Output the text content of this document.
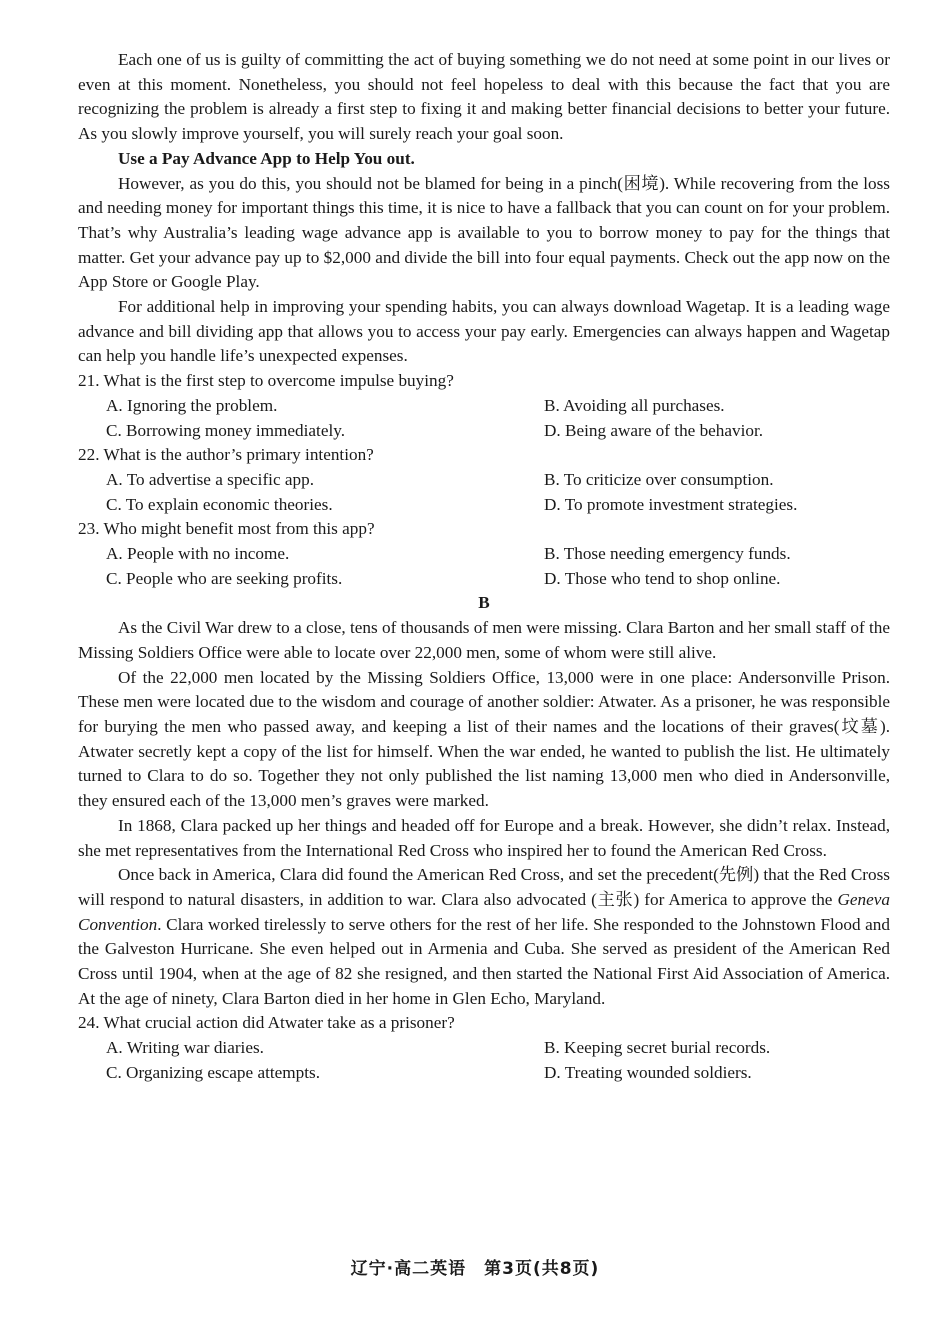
Each one of us is guilty of committing the act of buying something we do not need at some point in our lives or even at this moment. Nonetheless, you should not feel hopeless to deal with this because the fact that you are recognizing the problem is already a first step to fixing it and making better financial decisions to better your future. As you slowly improve yourself, you will surely reach your goal soon.

Use a Pay Advance App to Help You out.

However, as you do this, you should not be blamed for being in a pinch(困境). While recovering from the loss and needing money for important things this time, it is nice to have a fallback that you can count on for your problem. That’s why Australia’s leading wage advance app is available to you to borrow money to pay for the things that matter. Get your advance pay up to $2,000 and divide the bill into four equal payments. Check out the app now on the App Store or Google Play.

For additional help in improving your spending habits, you can always download Wagetap. It is a leading wage advance and bill dividing app that allows you to access your pay early. Emergencies can always happen and Wagetap can help you handle life’s unexpected expenses.

21. What is the first step to overcome impulse buying?

A. Ignoring the problem.	B. Avoiding all purchases.
C. Borrowing money immediately.	D. Being aware of the behavior.

22. What is the author’s primary intention?

A. To advertise a specific app.	B. To criticize over consumption.
C. To explain economic theories.	D. To promote investment strategies.

23. Who might benefit most from this app?

A. People with no income.	B. Those needing emergency funds.
C. People who are seeking profits.	D. Those who tend to shop online.

B

As the Civil War drew to a close, tens of thousands of men were missing. Clara Barton and her small staff of the Missing Soldiers Office were able to locate over 22,000 men, some of whom were still alive.

Of the 22,000 men located by the Missing Soldiers Office, 13,000 were in one place: Andersonville Prison. These men were located due to the wisdom and courage of another soldier: Atwater. As a prisoner, he was responsible for burying the men who passed away, and keeping a list of their names and the locations of their graves(坟墓). Atwater secretly kept a copy of the list for himself. When the war ended, he wanted to publish the list. He ultimately turned to Clara to do so. Together they not only published the list naming 13,000 men who died in Andersonville, they ensured each of the 13,000 men’s graves were marked.

In 1868, Clara packed up her things and headed off for Europe and a break. However, she didn’t relax. Instead, she met representatives from the International Red Cross who inspired her to found the American Red Cross.

Once back in America, Clara did found the American Red Cross, and set the precedent(先例) that the Red Cross will respond to natural disasters, in addition to war. Clara also advocated (主张) for America to approve the Geneva Convention. Clara worked tirelessly to serve others for the rest of her life. She responded to the Johnstown Flood and the Galveston Hurricane. She even helped out in Armenia and Cuba. She served as president of the American Red Cross until 1904, when at the age of 82 she resigned, and then started the National First Aid Association of America. At the age of ninety, Clara Barton died in her home in Glen Echo, Maryland.

24. What crucial action did Atwater take as a prisoner?

A. Writing war diaries.	B. Keeping secret burial records.
C. Organizing escape attempts.	D. Treating wounded soldiers.
辽宁·高二英语　第3页(共8页)
